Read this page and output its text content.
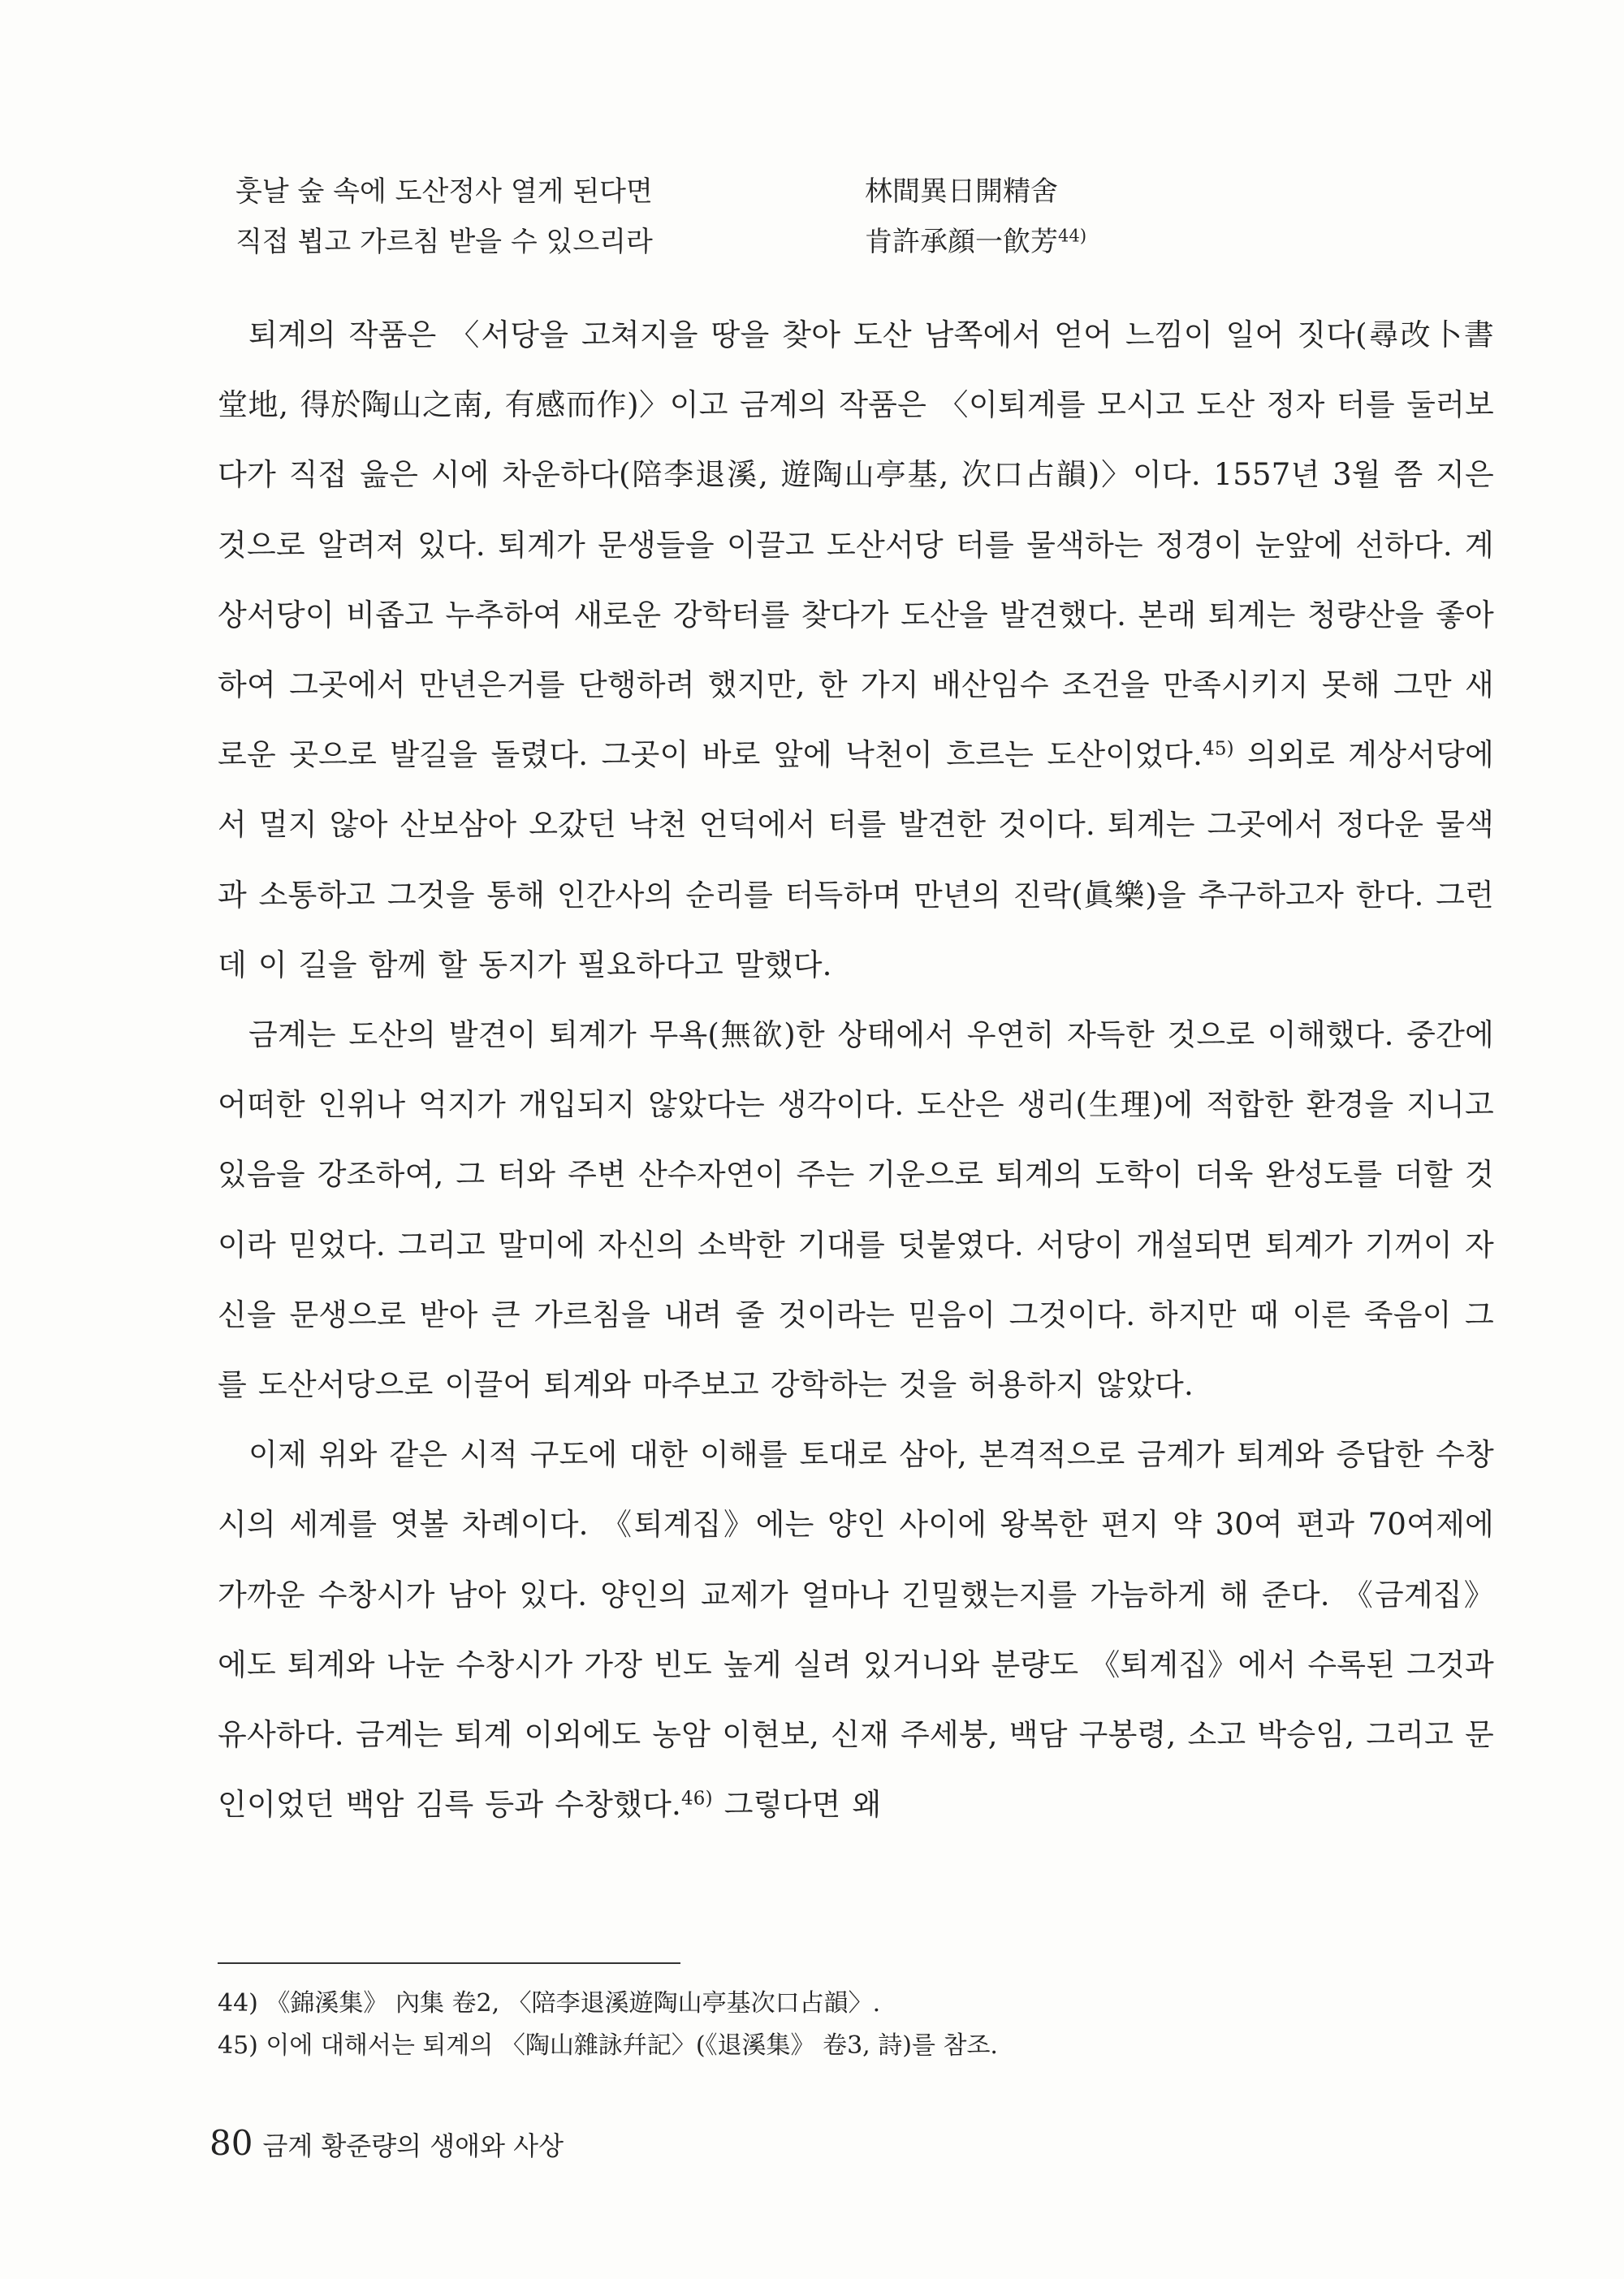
훗날 숲 속에 도산정사 열게 된다면	林間異日開精舍
직접 뵙고 가르침 받을 수 있으리라	肯許承顔一飮芳$^{44)}$

퇴계의 작품은 〈서당을 고쳐지을 땅을 찾아 도산 남쪽에서 얻어 느낌이 일어 짓다(尋改卜書堂地, 得於陶山之南, 有感而作)〉이고 금계의 작품은 〈이퇴계를 모시고 도산 정자 터를 둘러보다가 직접 읊은 시에 차운하다(陪李退溪, 遊陶山亭基, 次口占韻)〉이다. 1557년 3월 쯤 지은 것으로 알려져 있다. 퇴계가 문생들을 이끌고 도산서당 터를 물색하는 정경이 눈앞에 선하다. 계상서당이 비좁고 누추하여 새로운 강학터를 찾다가 도산을 발견했다. 본래 퇴계는 청량산을 좋아하여 그곳에서 만년은거를 단행하려 했지만, 한 가지 배산임수 조건을 만족시키지 못해 그만 새로운 곳으로 발길을 돌렸다. 그곳이 바로 앞에 낙천이 흐르는 도산이었다.$^{45)}$ 의외로 계상서당에서 멀지 않아 산보삼아 오갔던 낙천 언덕에서 터를 발견한 것이다. 퇴계는 그곳에서 정다운 물색과 소통하고 그것을 통해 인간사의 순리를 터득하며 만년의 진락(眞樂)을 추구하고자 한다. 그런데 이 길을 함께 할 동지가 필요하다고 말했다.

금계는 도산의 발견이 퇴계가 무욕(無欲)한 상태에서 우연히 자득한 것으로 이해했다. 중간에 어떠한 인위나 억지가 개입되지 않았다는 생각이다. 도산은 생리(生理)에 적합한 환경을 지니고 있음을 강조하여, 그 터와 주변 산수자연이 주는 기운으로 퇴계의 도학이 더욱 완성도를 더할 것이라 믿었다. 그리고 말미에 자신의 소박한 기대를 덧붙였다. 서당이 개설되면 퇴계가 기꺼이 자신을 문생으로 받아 큰 가르침을 내려 줄 것이라는 믿음이 그것이다. 하지만 때 이른 죽음이 그를 도산서당으로 이끌어 퇴계와 마주보고 강학하는 것을 허용하지 않았다.

이제 위와 같은 시적 구도에 대한 이해를 토대로 삼아, 본격적으로 금계가 퇴계와 증답한 수창시의 세계를 엿볼 차례이다. 《퇴계집》에는 양인 사이에 왕복한 편지 약 30여 편과 70여제에 가까운 수창시가 남아 있다. 양인의 교제가 얼마나 긴밀했는지를 가늠하게 해 준다. 《금계집》에도 퇴계와 나눈 수창시가 가장 빈도 높게 실려 있거니와 분량도 《퇴계집》에서 수록된 그것과 유사하다. 금계는 퇴계 이외에도 농암 이현보, 신재 주세붕, 백담 구봉령, 소고 박승임, 그리고 문인이었던 백암 김륵 등과 수창했다.$^{46)}$ 그렇다면 왜

44) 《錦溪集》 內集 卷2, 〈陪李退溪遊陶山亭基次口占韻〉.
45) 이에 대해서는 퇴계의 〈陶山雜詠幷記〉(《退溪集》 卷3, 詩)를 참조.
80 금계 황준량의 생애와 사상
